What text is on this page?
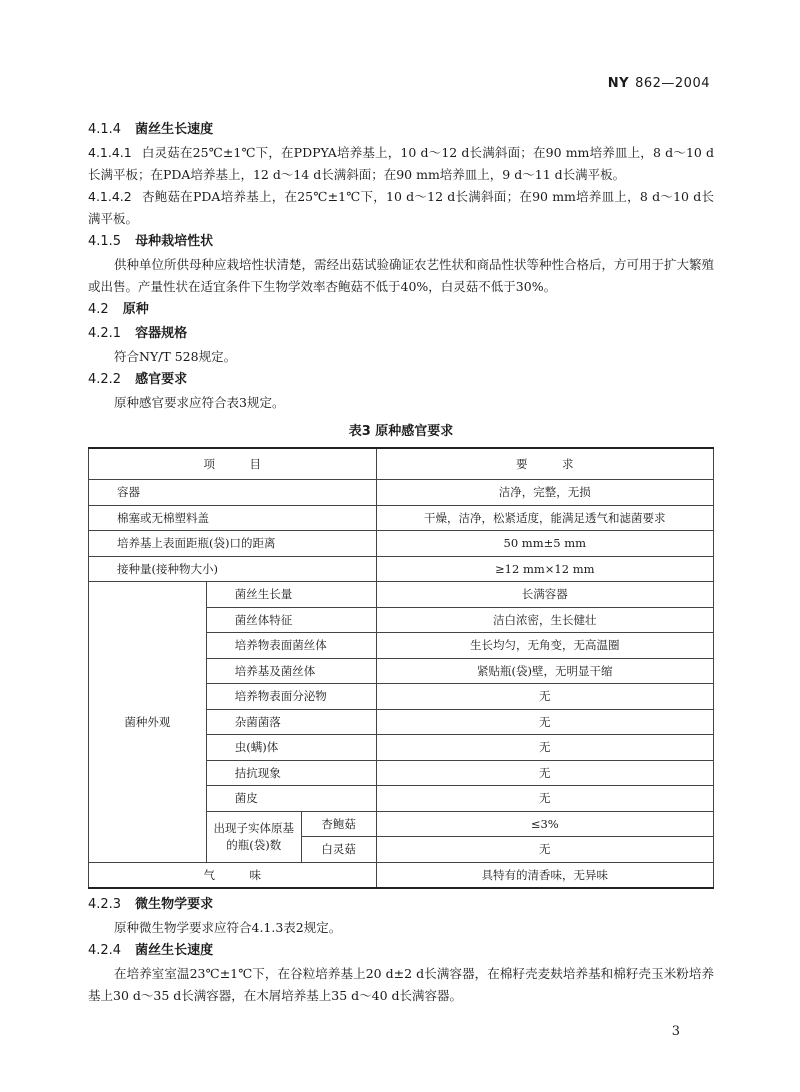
NY 862—2004

4.1.4 菌丝生长速度

4.1.4.1 白灵菇在25℃±1℃下，在PDPYA培养基上，10 d～12 d长满斜面；在90 mm培养皿上，8 d～10 d长满平板；在PDA培养基上，12 d～14 d长满斜面；在90 mm培养皿上，9 d～11 d长满平板。

4.1.4.2 杏鲍菇在PDA培养基上，在25℃±1℃下，10 d～12 d长满斜面；在90 mm培养皿上，8 d～10 d长满平板。

4.1.5 母种栽培性状

供种单位所供母种应栽培性状清楚，需经出菇试验确证农艺性状和商品性状等种性合格后，方可用于扩大繁殖或出售。产量性状在适宜条件下生物学效率杏鲍菇不低于40%，白灵菇不低于30%。

4.2 原种

4.2.1 容器规格

符合NY/T 528规定。

4.2.2 感官要求

原种感官要求应符合表3规定。

表3 原种感官要求
项　　　目			要　　　求
容器			洁净，完整，无损
棉塞或无棉塑料盖			干燥，洁净，松紧适度，能满足透气和滤菌要求
培养基上表面距瓶(袋)口的距离			50 mm±5 mm
接种量(接种物大小)			≥12 mm×12 mm
菌种外观	菌丝生长量		长满容器
	菌丝体特征		洁白浓密，生长健壮
	培养物表面菌丝体		生长均匀，无角变，无高温圈
	培养基及菌丝体		紧贴瓶(袋)壁，无明显干缩
	培养物表面分泌物		无
	杂菌菌落		无
	虫(螨)体		无
	拮抗现象		无
	菌皮		无
	出现子实体原基的瓶(袋)数	杏鲍菇	≤3%
		白灵菇	无
气　　　味			具特有的清香味，无异味

4.2.3 微生物学要求

原种微生物学要求应符合4.1.3表2规定。

4.2.4 菌丝生长速度

在培养室室温23℃±1℃下，在谷粒培养基上20 d±2 d长满容器，在棉籽壳麦麸培养基和棉籽壳玉米粉培养基上30 d～35 d长满容器，在木屑培养基上35 d～40 d长满容器。

3
